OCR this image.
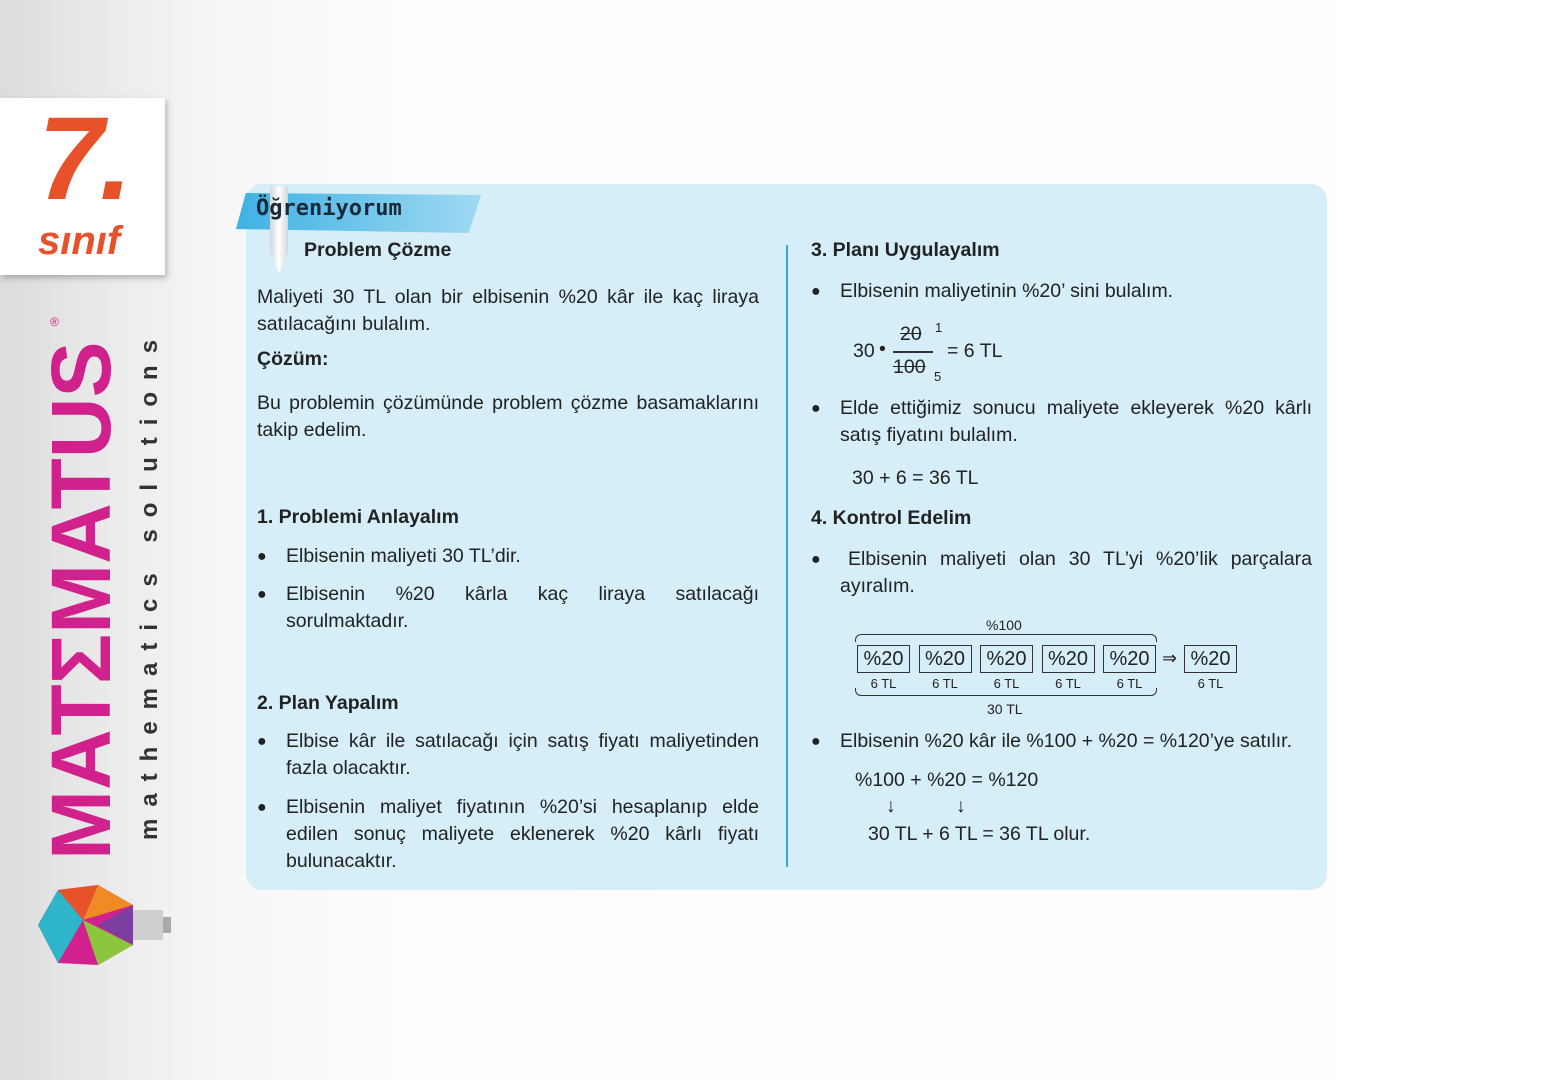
7.
sınıf
MATΣMATUS
®
mathematics solutions
Öğreniyorum
Problem Çözme
Maliyeti 30 TL olan bir elbisenin %20 kâr ile kaç liraya satılacağını bulalım.
Çözüm:
Bu problemin çözümünde problem çözme basamaklarını takip edelim.
1. Problemi Anlayalım
● Elbisenin maliyeti 30 TL’dir.
● Elbisenin %20 kârla kaç liraya satılacağı sorulmaktadır.
2. Plan Yapalım
● Elbise kâr ile satılacağı için satış fiyatı maliyetinden fazla olacaktır.
● Elbisenin maliyet fiyatının %20’si hesaplanıp elde edilen sonuç maliyete eklenerek %20 kârlı fiyatı bulunacaktır.
3. Planı Uygulayalım
● Elbisenin maliyetinin %20’ sini bulalım.
30 •
20
100
1
5
= 6 TL
● Elde ettiğimiz sonucu maliyete ekleyerek %20 kârlı satış fiyatını bulalım.
30 + 6 = 36 TL
4. Kontrol Edelim
●	Elbisenin maliyeti olan 30 TL’yi %20’lik parçalara ayıralım.
%100
%20
6 TL
%20
6 TL
%20
6 TL
%20
6 TL
%20
6 TL
⇒ %20
6 TL
30 TL
● Elbisenin %20 kâr ile %100 + %20 = %120’ye satılır.
%100 + %20 = %120
↓	↓
30 TL + 6 TL = 36 TL olur.
